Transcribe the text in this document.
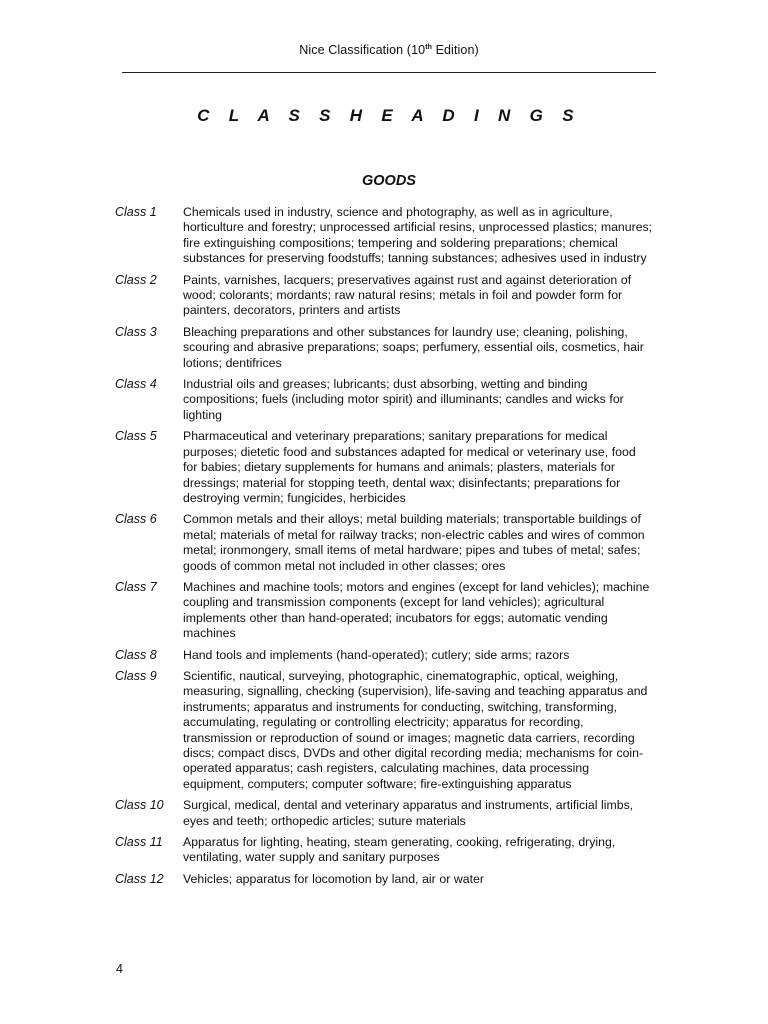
Nice Classification (10th Edition)
C L A S S H E A D I N G S
GOODS
Class 1	Chemicals used in industry, science and photography, as well as in agriculture, horticulture and forestry; unprocessed artificial resins, unprocessed plastics; manures; fire extinguishing compositions; tempering and soldering preparations; chemical substances for preserving foodstuffs; tanning substances; adhesives used in industry
Class 2	Paints, varnishes, lacquers; preservatives against rust and against deterioration of wood; colorants; mordants; raw natural resins; metals in foil and powder form for painters, decorators, printers and artists
Class 3	Bleaching preparations and other substances for laundry use; cleaning, polishing, scouring and abrasive preparations; soaps; perfumery, essential oils, cosmetics, hair lotions; dentifrices
Class 4	Industrial oils and greases; lubricants; dust absorbing, wetting and binding compositions; fuels (including motor spirit) and illuminants; candles and wicks for lighting
Class 5	Pharmaceutical and veterinary preparations; sanitary preparations for medical purposes; dietetic food and substances adapted for medical or veterinary use, food for babies; dietary supplements for humans and animals; plasters, materials for dressings; material for stopping teeth, dental wax; disinfectants; preparations for destroying vermin; fungicides, herbicides
Class 6	Common metals and their alloys; metal building materials; transportable buildings of metal; materials of metal for railway tracks; non-electric cables and wires of common metal; ironmongery, small items of metal hardware; pipes and tubes of metal; safes; goods of common metal not included in other classes; ores
Class 7	Machines and machine tools; motors and engines (except for land vehicles); machine coupling and transmission components (except for land vehicles); agricultural implements other than hand-operated; incubators for eggs; automatic vending machines
Class 8	Hand tools and implements (hand-operated); cutlery; side arms; razors
Class 9	Scientific, nautical, surveying, photographic, cinematographic, optical, weighing, measuring, signalling, checking (supervision), life-saving and teaching apparatus and instruments; apparatus and instruments for conducting, switching, transforming, accumulating, regulating or controlling electricity; apparatus for recording, transmission or reproduction of sound or images; magnetic data carriers, recording discs; compact discs, DVDs and other digital recording media; mechanisms for coin-operated apparatus; cash registers, calculating machines, data processing equipment, computers; computer software; fire-extinguishing apparatus
Class 10	Surgical, medical, dental and veterinary apparatus and instruments, artificial limbs, eyes and teeth; orthopedic articles; suture materials
Class 11	Apparatus for lighting, heating, steam generating, cooking, refrigerating, drying, ventilating, water supply and sanitary purposes
Class 12	Vehicles; apparatus for locomotion by land, air or water
4
